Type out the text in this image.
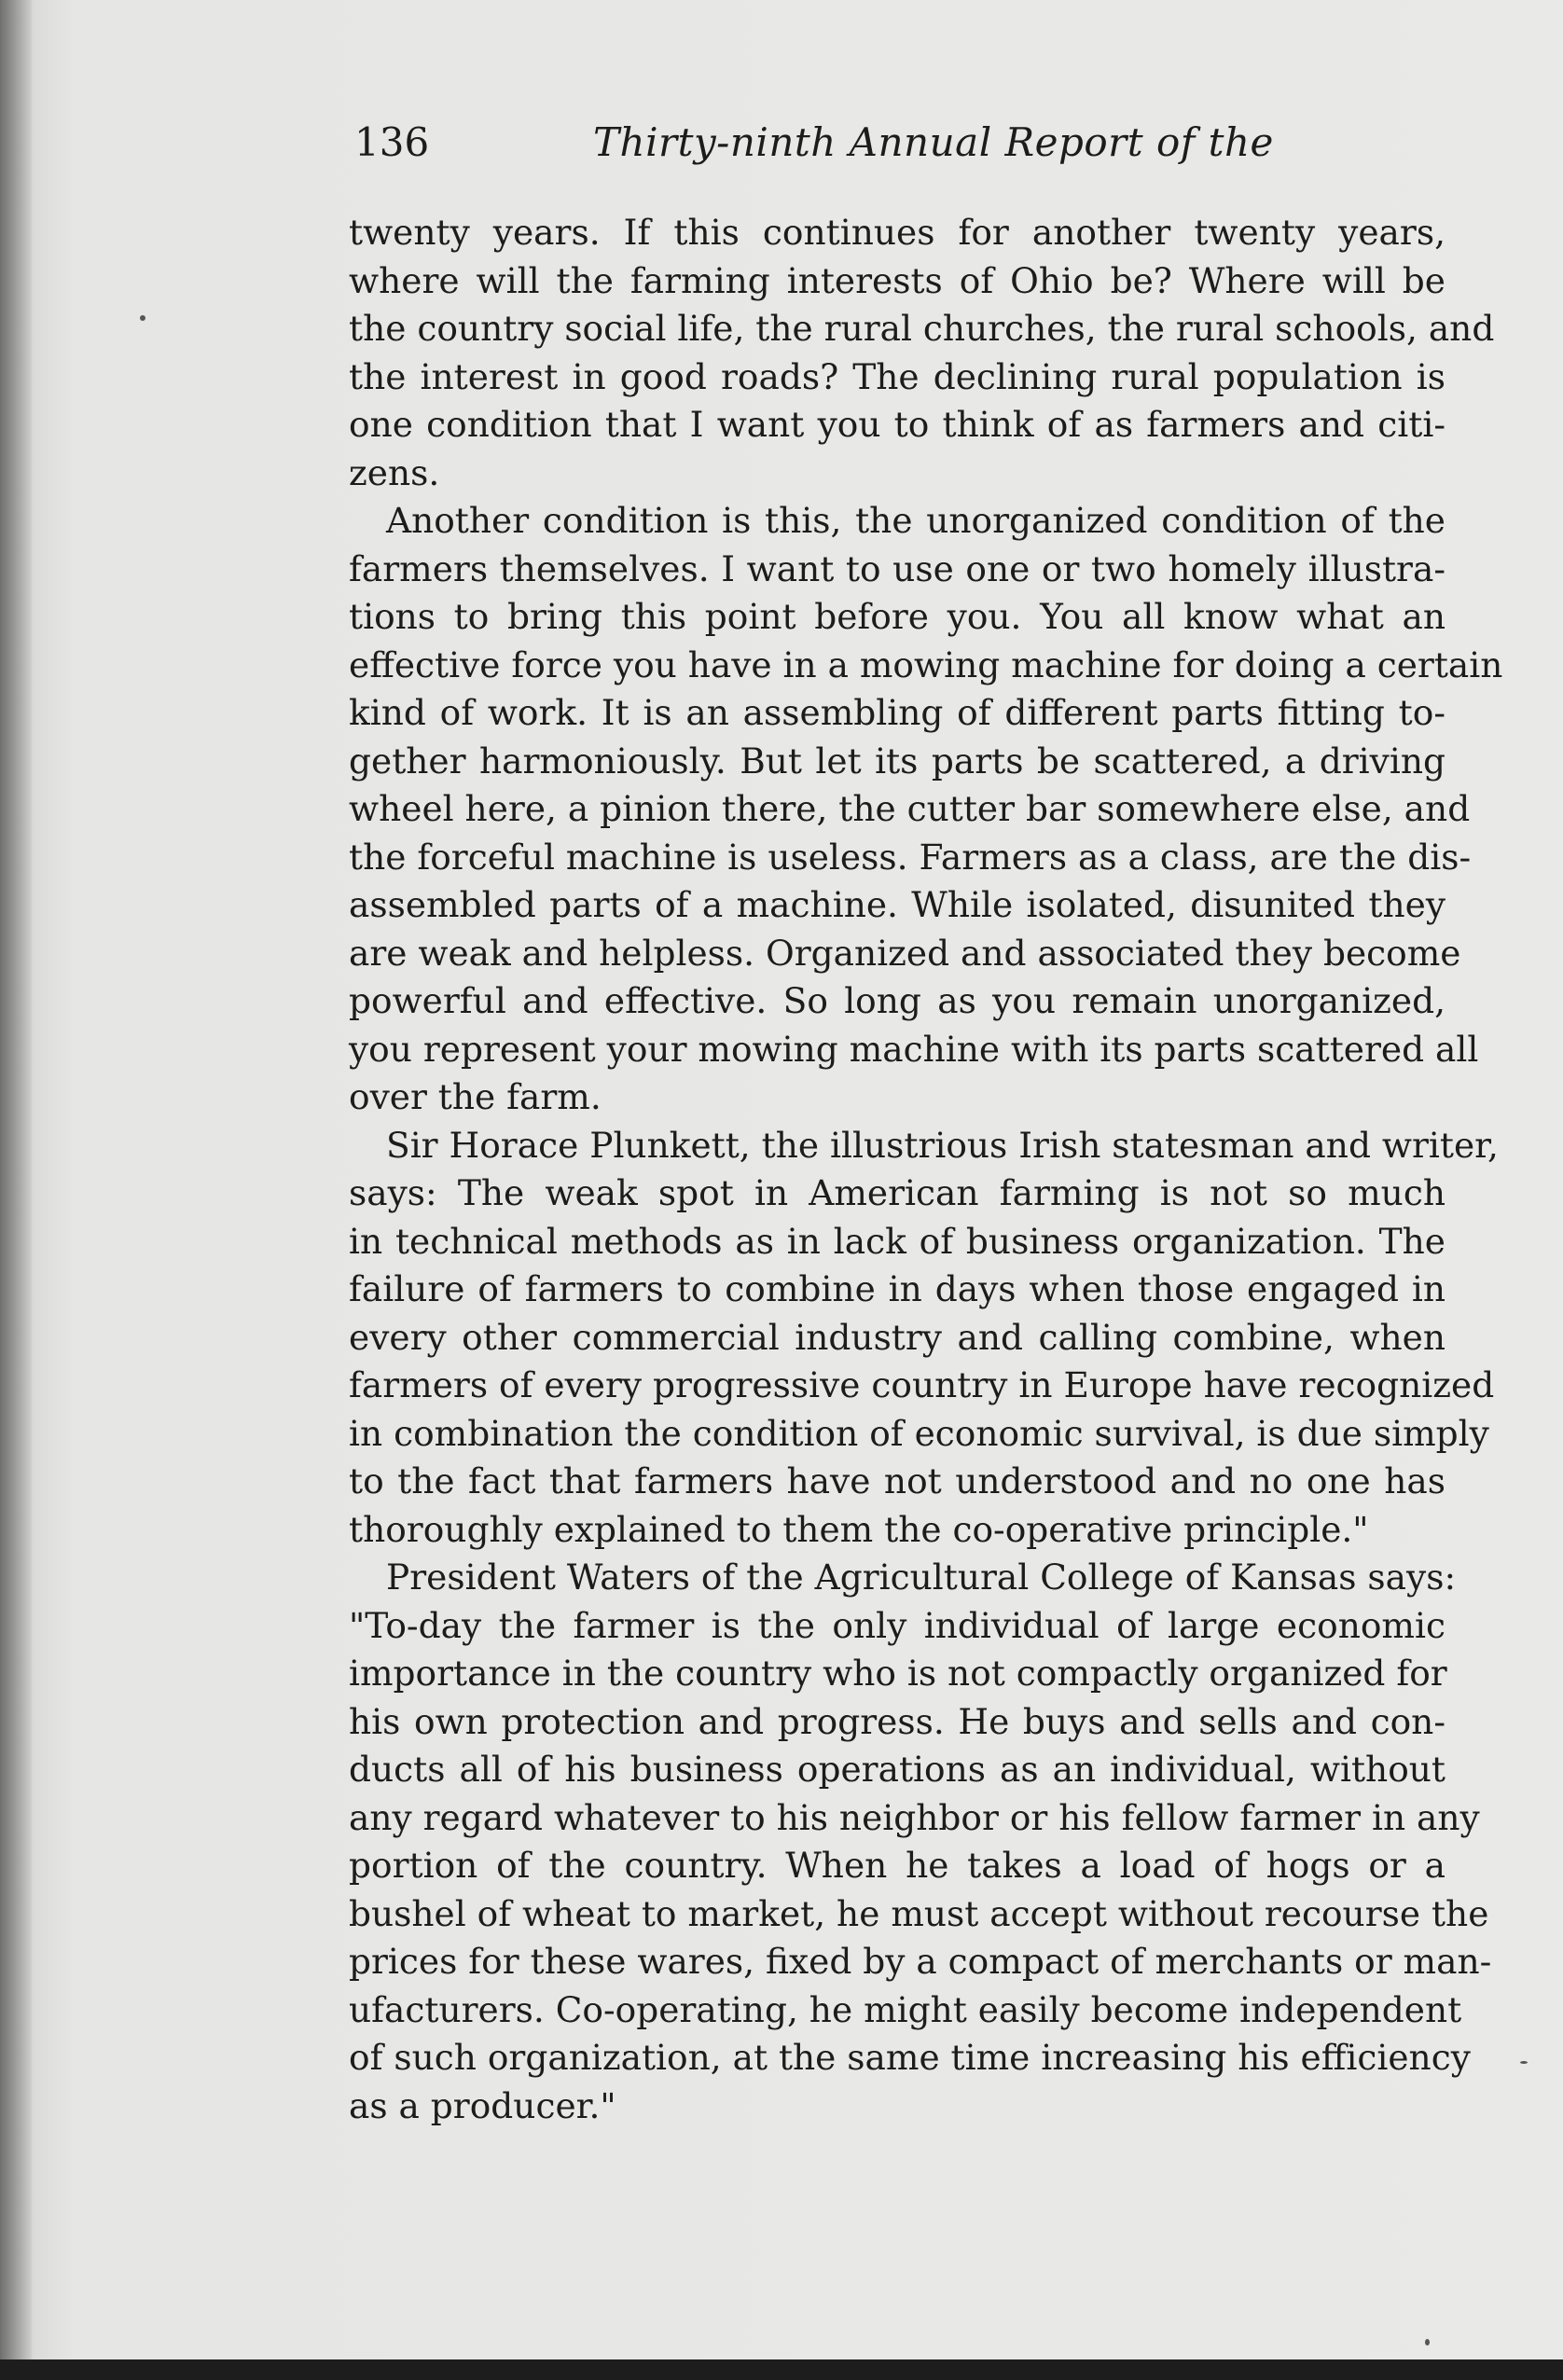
136	Thirty-ninth Annual Report of the
twenty years. If this continues for another twenty years,
where will the farming interests of Ohio be? Where will be
the country social life, the rural churches, the rural schools, and
the interest in good roads? The declining rural population is
one condition that I want you to think of as farmers and citi-
zens.
Another condition is this, the unorganized condition of the
farmers themselves. I want to use one or two homely illustra-
tions to bring this point before you. You all know what an
effective force you have in a mowing machine for doing a certain
kind of work. It is an assembling of different parts fitting to-
gether harmoniously. But let its parts be scattered, a driving
wheel here, a pinion there, the cutter bar somewhere else, and
the forceful machine is useless. Farmers as a class, are the dis-
assembled parts of a machine. While isolated, disunited they
are weak and helpless. Organized and associated they become
powerful and effective. So long as you remain unorganized,
you represent your mowing machine with its parts scattered all
over the farm.
Sir Horace Plunkett, the illustrious Irish statesman and writer,
says: The weak spot in American farming is not so much
in technical methods as in lack of business organization. The
failure of farmers to combine in days when those engaged in
every other commercial industry and calling combine, when
farmers of every progressive country in Europe have recognized
in combination the condition of economic survival, is due simply
to the fact that farmers have not understood and no one has
thoroughly explained to them the co-operative principle."
President Waters of the Agricultural College of Kansas says:
"To-day the farmer is the only individual of large economic
importance in the country who is not compactly organized for
his own protection and progress. He buys and sells and con-
ducts all of his business operations as an individual, without
any regard whatever to his neighbor or his fellow farmer in any
portion of the country. When he takes a load of hogs or a
bushel of wheat to market, he must accept without recourse the
prices for these wares, fixed by a compact of merchants or man-
ufacturers. Co-operating, he might easily become independent
of such organization, at the same time increasing his efficiency
as a producer."
